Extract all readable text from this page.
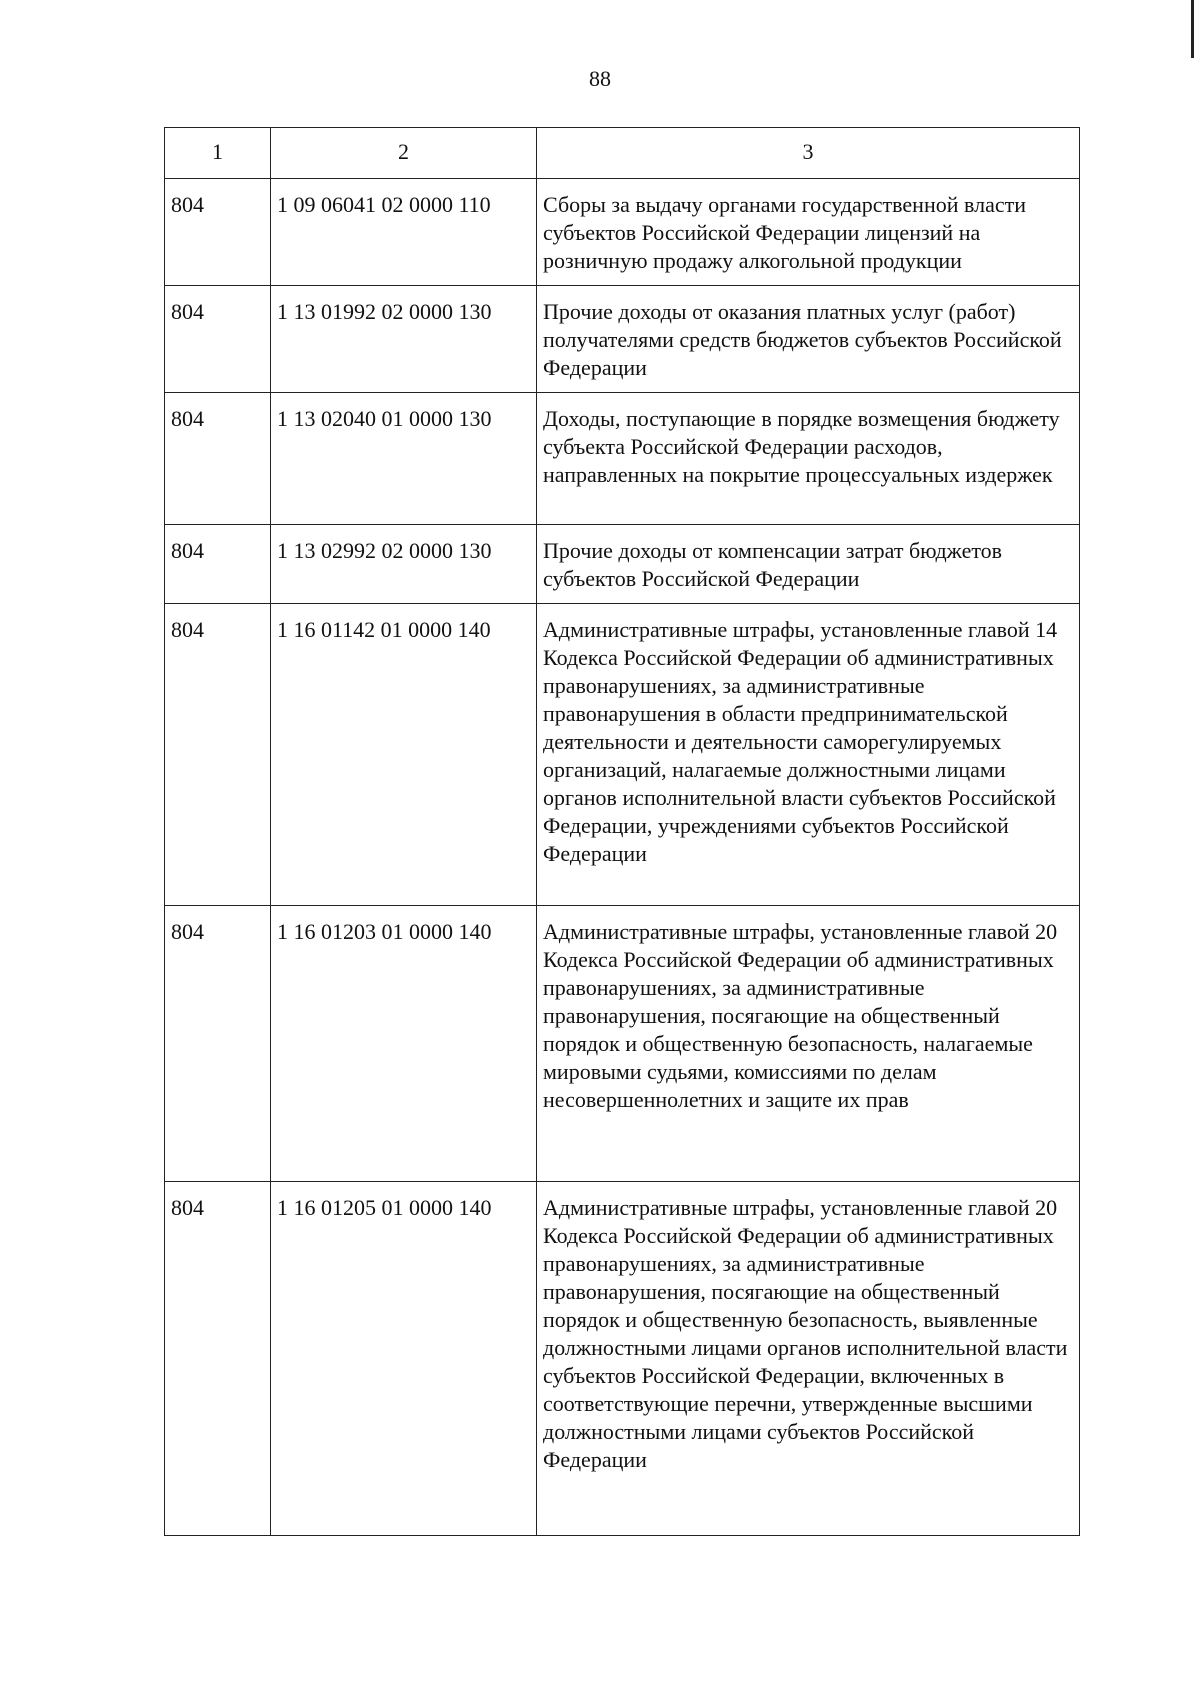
88
1	2	3
804	1 09 06041 02 0000 110	Сборы за выдачу органами государственной власти субъектов Российской Федерации лицензий на розничную продажу алкогольной продукции
804	1 13 01992 02 0000 130	Прочие доходы от оказания платных услуг (работ) получателями средств бюджетов субъектов Российской Федерации
804	1 13 02040 01 0000 130	Доходы, поступающие в порядке возмещения бюджету субъекта Российской Федерации расходов, направленных на покрытие процессуальных издержек
804	1 13 02992 02 0000 130	Прочие доходы от компенсации затрат бюджетов субъектов Российской Федерации
804	1 16 01142 01 0000 140	Административные штрафы, установленные главой 14 Кодекса Российской Федерации об административных правонарушениях, за административные правонарушения в области предпринимательской деятельности и деятельности саморегулируемых организаций, налагаемые должностными лицами органов исполнительной власти субъектов Российской Федерации, учреждениями субъектов Российской Федерации
804	1 16 01203 01 0000 140	Административные штрафы, установленные главой 20 Кодекса Российской Федерации об административных правонарушениях, за административные правонарушения, посягающие на общественный порядок и общественную безопасность, налагаемые мировыми судьями, комиссиями по делам несовершеннолетних и защите их прав
804	1 16 01205 01 0000 140	Административные штрафы, установленные главой 20 Кодекса Российской Федерации об административных правонарушениях, за административные правонарушения, посягающие на общественный порядок и общественную безопасность, выявленные должностными лицами органов исполнительной власти субъектов Российской Федерации, включенных в соответствующие перечни, утвержденные высшими должностными лицами субъектов Российской Федерации
